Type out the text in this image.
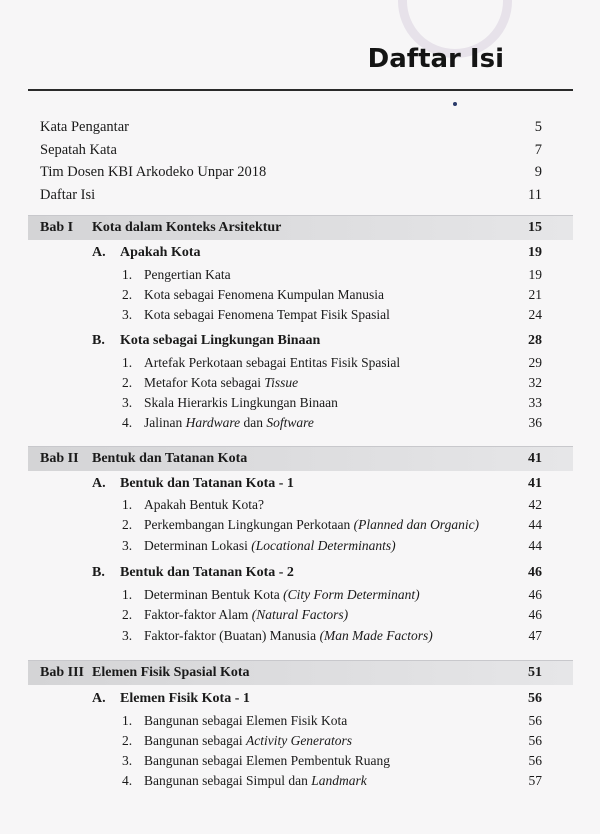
Daftar Isi
Kata Pengantar	5
Sepatah Kata	7
Tim Dosen KBI Arkodeko Unpar 2018	9
Daftar Isi	11
Bab I Kota dalam Konteks Arsitektur	15
A. Apakah Kota	19
1. Pengertian Kata	19
2. Kota sebagai Fenomena Kumpulan Manusia	21
3. Kota sebagai Fenomena Tempat Fisik Spasial	24
B. Kota sebagai Lingkungan Binaan	28
1. Artefak Perkotaan sebagai Entitas Fisik Spasial	29
2. Metafor Kota sebagai Tissue	32
3. Skala Hierarkis Lingkungan Binaan	33
4. Jalinan Hardware dan Software	36
Bab II Bentuk dan Tatanan Kota	41
A. Bentuk dan Tatanan Kota - 1	41
1. Apakah Bentuk Kota?	42
2. Perkembangan Lingkungan Perkotaan (Planned dan Organic)	44
3. Determinan Lokasi (Locational Determinants)	44
B. Bentuk dan Tatanan Kota - 2	46
1. Determinan Bentuk Kota (City Form Determinant)	46
2. Faktor-faktor Alam (Natural Factors)	46
3. Faktor-faktor (Buatan) Manusia (Man Made Factors)	47
Bab III Elemen Fisik Spasial Kota	51
A. Elemen Fisik Kota - 1	56
1. Bangunan sebagai Elemen Fisik Kota	56
2. Bangunan sebagai Activity Generators	56
3. Bangunan sebagai Elemen Pembentuk Ruang	56
4. Bangunan sebagai Simpul dan Landmark	57
